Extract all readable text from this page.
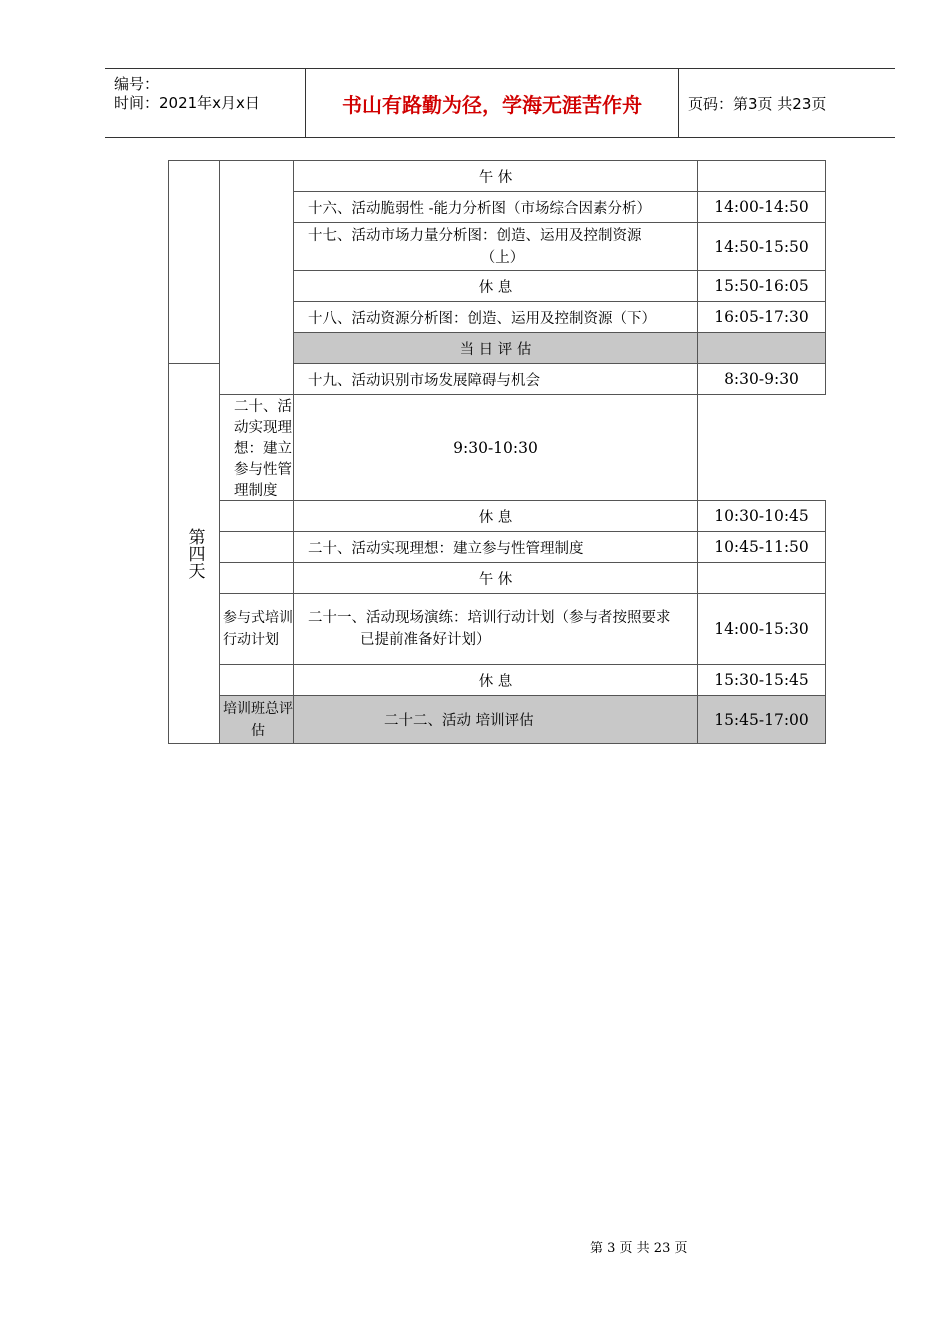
编号：
时间：2021年x月x日	书山有路勤为径，学海无涯苦作舟	页码：第3页 共23页
		午 休	
		十六、活动脆弱性 -能力分析图（市场综合因素分析）	14:00-14:50

		十七、活动市场力量分析图：创造、运用及控制资源
（上）	14:50-15:50
		休 息	15:50-16:05
		十八、活动资源分析图：创造、运用及控制资源（下）	16:05-17:30
		当 日 评 估	
第四天		十九、活动识别市场发展障碍与机会	8:30-9:30
	二十、活动实现理想：建立参与性管理制度	9:30-10:30	
		休 息	10:30-10:45
		二十、活动实现理想：建立参与性管理制度	10:45-11:50
		午 休	
	参与式培训行动计划	二十一、活动现场演练：培训行动计划（参与者按照要求
已提前准备好计划）	14:00-15:30
		休 息	15:30-15:45
	培训班总评估	二十二、活动 培训评估	15:45-17:00
第 3 页 共 23 页
